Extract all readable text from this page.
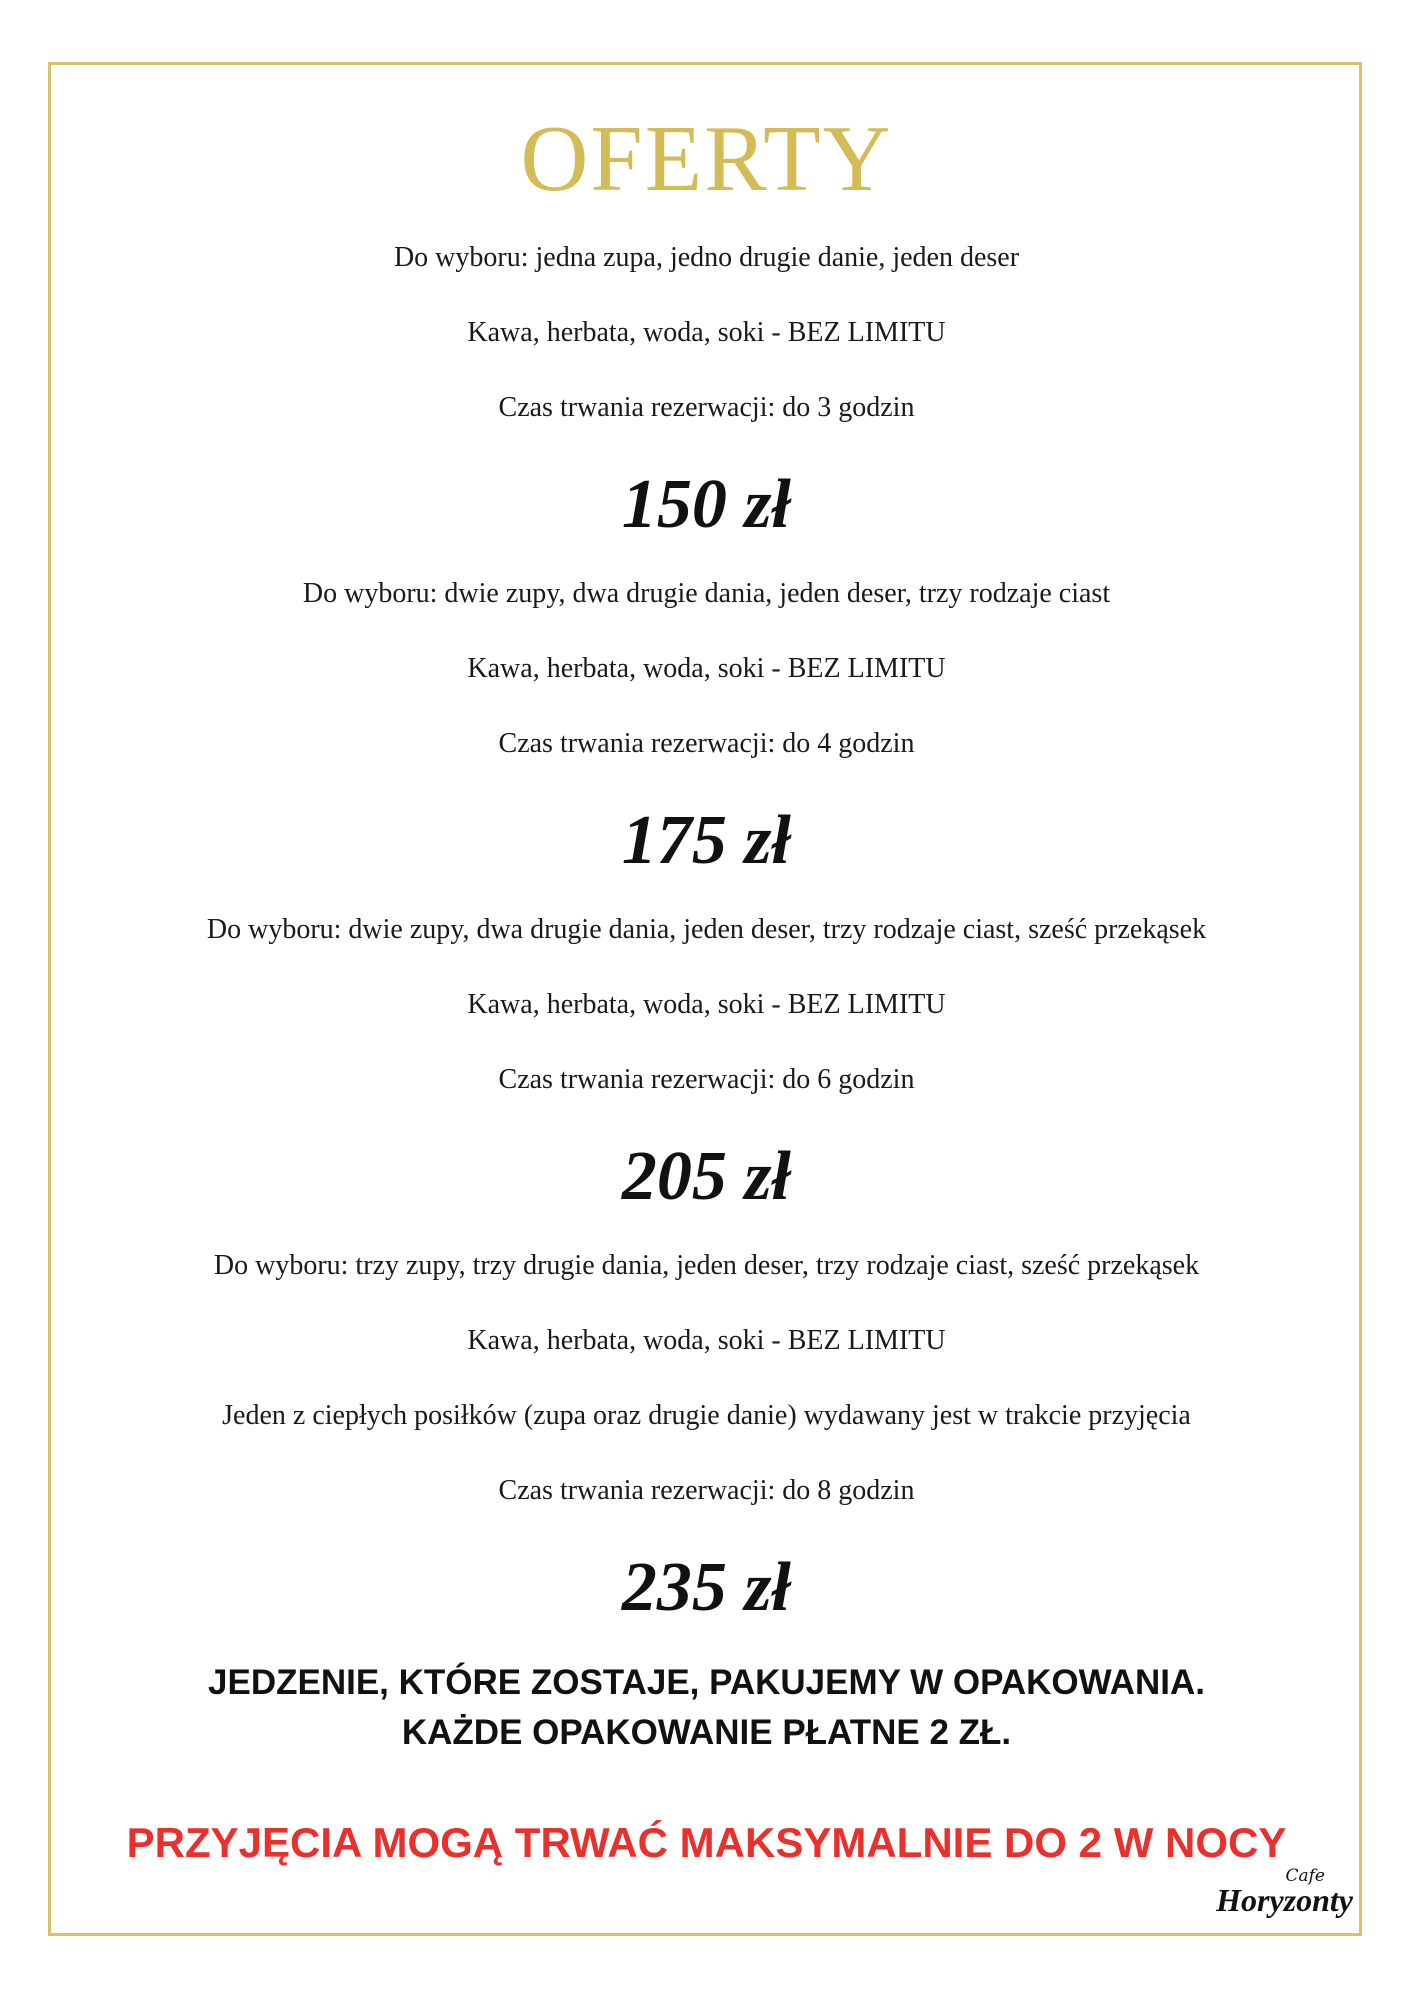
OFERTY
Do wyboru: jedna zupa, jedno drugie danie, jeden deser
Kawa, herbata, woda, soki - BEZ LIMITU
Czas trwania rezerwacji: do 3 godzin
150 zł
Do wyboru: dwie zupy, dwa drugie dania, jeden deser, trzy rodzaje ciast
Kawa, herbata, woda, soki - BEZ LIMITU
Czas trwania rezerwacji: do 4 godzin
175 zł
Do wyboru: dwie zupy, dwa drugie dania, jeden deser, trzy rodzaje ciast, sześć przekąsek
Kawa, herbata, woda, soki - BEZ LIMITU
Czas trwania rezerwacji: do 6 godzin
205 zł
Do wyboru: trzy zupy, trzy drugie dania, jeden deser, trzy rodzaje ciast, sześć przekąsek
Kawa, herbata, woda, soki - BEZ LIMITU
Jeden z ciepłych posiłków (zupa oraz drugie danie) wydawany jest w trakcie przyjęcia
Czas trwania rezerwacji: do 8 godzin
235 zł
JEDZENIE, KTÓRE ZOSTAJE, PAKUJEMY W OPAKOWANIA.
KAŻDE OPAKOWANIE PŁATNE 2 ZŁ.
PRZYJĘCIA MOGĄ TRWAĆ MAKSYMALNIE DO 2 W NOCY
Cafe
Horyzonty
